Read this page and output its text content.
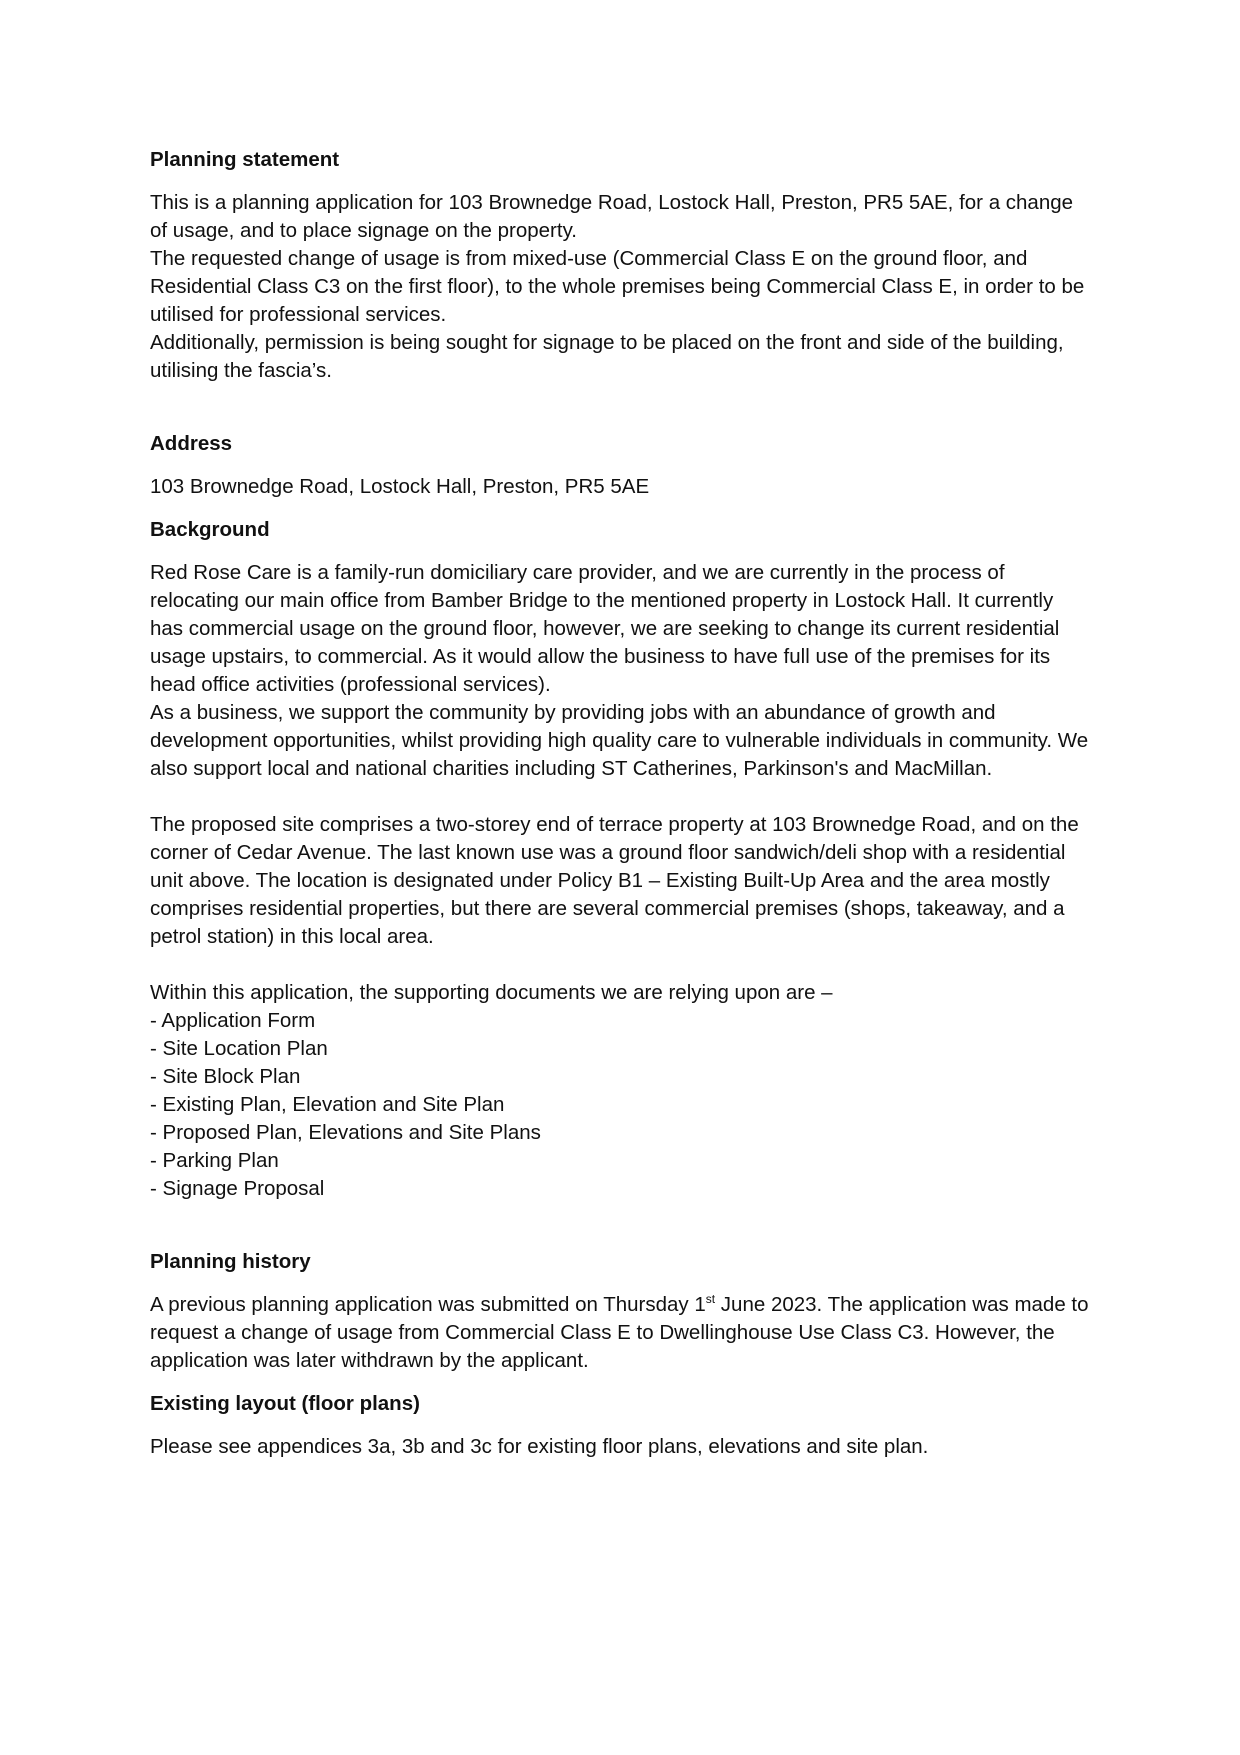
Planning statement

This is a planning application for 103 Brownedge Road, Lostock Hall, Preston, PR5 5AE, for a change of usage, and to place signage on the property.

The requested change of usage is from mixed-use (Commercial Class E on the ground floor, and Residential Class C3 on the first floor), to the whole premises being Commercial Class E, in order to be utilised for professional services.

Additionally, permission is being sought for signage to be placed on the front and side of the building, utilising the fascia’s.

Address

103 Brownedge Road, Lostock Hall, Preston, PR5 5AE

Background

Red Rose Care is a family-run domiciliary care provider, and we are currently in the process of relocating our main office from Bamber Bridge to the mentioned property in Lostock Hall. It currently has commercial usage on the ground floor, however, we are seeking to change its current residential usage upstairs, to commercial. As it would allow the business to have full use of the premises for its head office activities (professional services).

As a business, we support the community by providing jobs with an abundance of growth and development opportunities, whilst providing high quality care to vulnerable individuals in community. We also support local and national charities including ST Catherines, Parkinson's and MacMillan.

The proposed site comprises a two-storey end of terrace property at 103 Brownedge Road, and on the corner of Cedar Avenue. The last known use was a ground floor sandwich/deli shop with a residential unit above. The location is designated under Policy B1 – Existing Built-Up Area and the area mostly comprises residential properties, but there are several commercial premises (shops, takeaway, and a petrol station) in this local area.

Within this application, the supporting documents we are relying upon are –

- Application Form
- Site Location Plan
- Site Block Plan
- Existing Plan, Elevation and Site Plan
- Proposed Plan, Elevations and Site Plans
- Parking Plan
- Signage Proposal
Planning history

A previous planning application was submitted on Thursday 1st June 2023. The application was made to request a change of usage from Commercial Class E to Dwellinghouse Use Class C3. However, the application was later withdrawn by the applicant.

Existing layout (floor plans)

Please see appendices 3a, 3b and 3c for existing floor plans, elevations and site plan.
